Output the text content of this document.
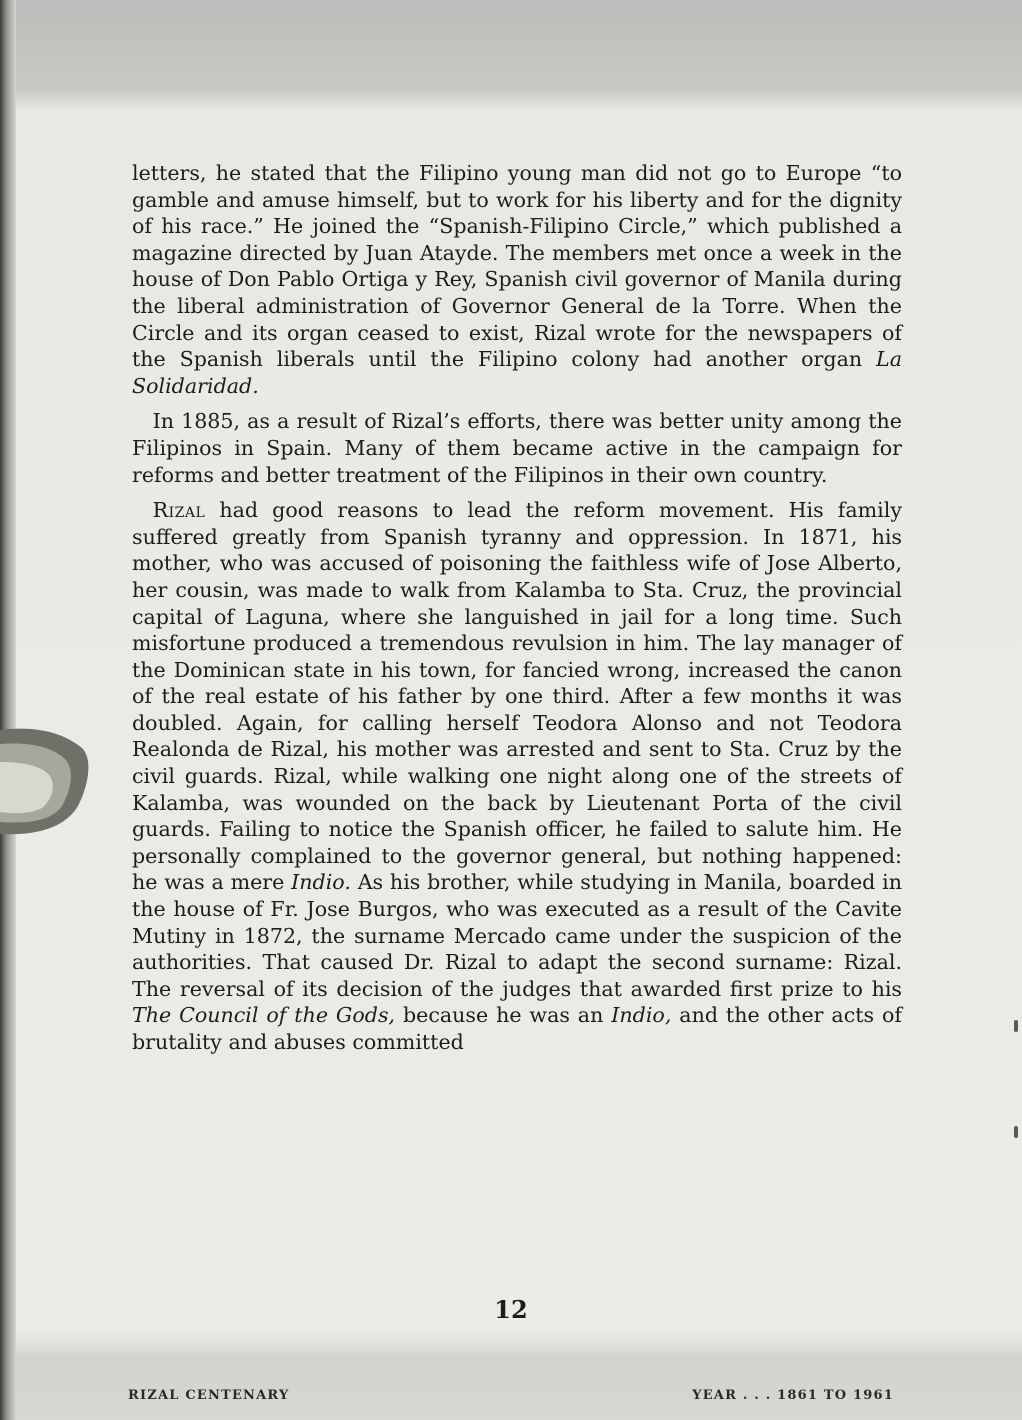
letters, he stated that the Filipino young man did not go to Europe “to gamble and amuse himself, but to work for his liberty and for the dignity of his race.” He joined the “Spanish-Filipino Circle,” which published a magazine directed by Juan Atayde. The members met once a week in the house of Don Pablo Ortiga y Rey, Spanish civil governor of Manila during the liberal administration of Governor General de la Torre. When the Circle and its organ ceased to exist, Rizal wrote for the newspapers of the Spanish liberals until the Filipino colony had another organ La Solidaridad.

In 1885, as a result of Rizal’s efforts, there was better unity among the Filipinos in Spain. Many of them became active in the campaign for reforms and better treatment of the Filipinos in their own country.

Rizal had good reasons to lead the reform movement. His family suffered greatly from Spanish tyranny and oppression. In 1871, his mother, who was accused of poisoning the faithless wife of Jose Alberto, her cousin, was made to walk from Kalamba to Sta. Cruz, the provincial capital of Laguna, where she languished in jail for a long time. Such misfortune produced a tremendous revulsion in him. The lay manager of the Dominican state in his town, for fancied wrong, increased the canon of the real estate of his father by one third. After a few months it was doubled. Again, for calling herself Teodora Alonso and not Teodora Realonda de Rizal, his mother was arrested and sent to Sta. Cruz by the civil guards. Rizal, while walking one night along one of the streets of Kalamba, was wounded on the back by Lieutenant Porta of the civil guards. Failing to notice the Spanish officer, he failed to salute him. He personally complained to the governor general, but nothing happened: he was a mere Indio. As his brother, while studying in Manila, boarded in the house of Fr. Jose Burgos, who was executed as a result of the Cavite Mutiny in 1872, the surname Mercado came under the suspicion of the authorities. That caused Dr. Rizal to adapt the second surname: Rizal. The reversal of its decision of the judges that awarded first prize to his The Council of the Gods, because he was an Indio, and the other acts of brutality and abuses committed

12
RIZAL CENTENARY	YEAR . . . 1861 TO 1961
